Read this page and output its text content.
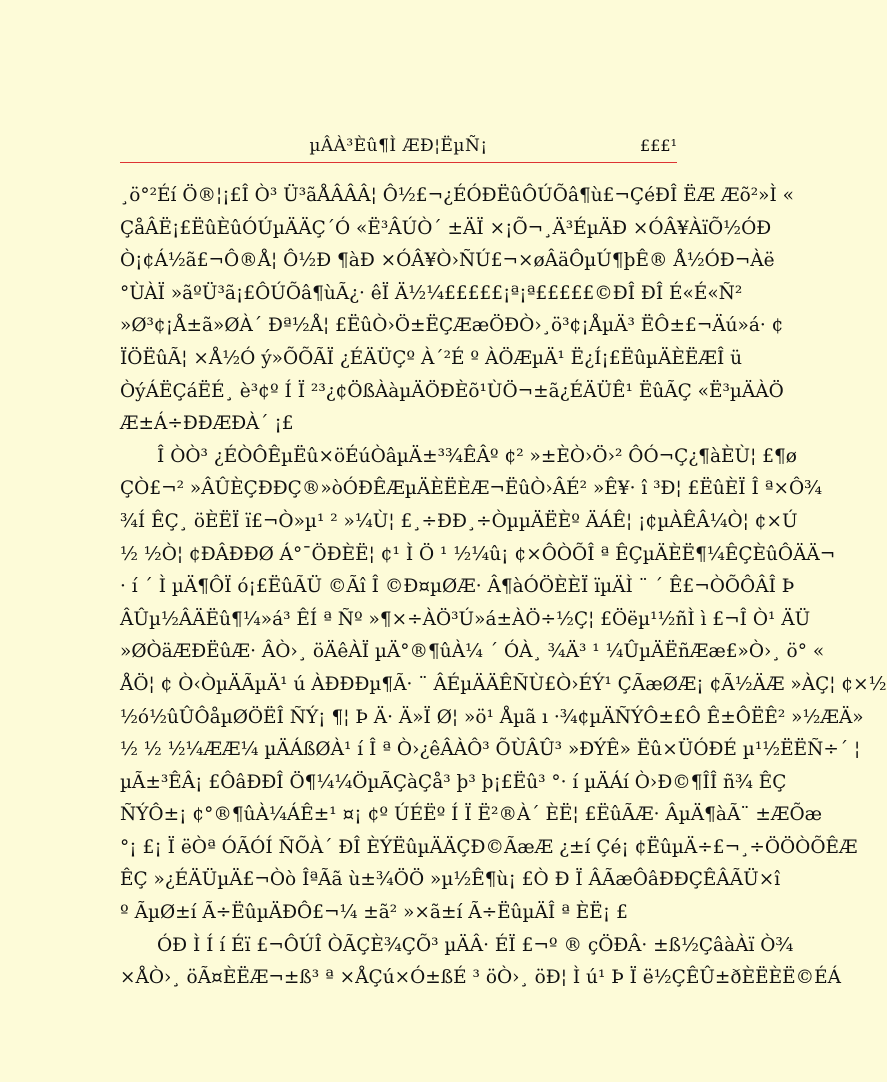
µÂÀ³Èû¶Ì ÆÐ¦ËµÑ¡	£££¹
¸ö°²Éí Ö®¦¡£Î Ò³ Ü³ãÅÂÂÂ¦ Ô½£¬¿ÉÓÐËûÔÚÕâ¶ù£¬ÇéÐÎ ËÆ Æõ²»Ì «
ÇåÂË¡£ËûÈûÓÚµÄÄÇ´Ó «Ë³ÂÚÒ´ ±ÄÏ ×¡Õ¬¸Ä³ÉµÄÐ ×ÓÂ¥ÀïÕ½ÓÐ
Ò¡¢Á½ã£¬Ô®Å¦ Ô½Ð ¶àÐ ×ÓÂ¥Ò›ÑÚ£¬×øÂäÔµÚ¶þÊ® Å½ÓÐ¬Àë
°ÙÀÏ »ãºÜ³ã¡£ÔÚÕâ¶ùÃ¿· êÏ Ä½¼£££££¡ª¡ª£££££©ÐÎ ÐÎ É«É«Ñ²
»Ø³¢¡Å±ã»ØÀ´ Ðª½Å¦ £ËûÒ›Ö±ËÇÆæÖÐÒ›¸ö³¢¡ÅµÄ³ ËÔ±£¬Äú»á· ¢
ÏÖËûÃ¦ ×Å½Ó ý»ÕÕÃÏ ¿ÉÄÜÇº À´²É º ÀÖÆµÄ¹ Ë¿Í¡£ËûµÄÈËÆÎ ü
ÒýÁËÇáËÉ¸ è³¢º Í Ï ²³¿¢ÖßÀàµÄÖÐÈõ¹ÙÖ¬±ã¿ÉÄÜÊ¹ ËûÃÇ «Ë³µÄÀÖ
Æ±Á÷ÐÐÆÐÀ´ ¡£
Î ÒÒ³ ¿ÉÒÔÊµËû×öÉúÒâµÄ±³¾ÊÂº ¢² »±ÈÒ›Ö›² ÔÓ¬Ç¿¶àÈÙ¦ £¶ø
ÇÒ£¬² »ÂÛÈÇÐÐÇ®»òÓÐÊÆµÄÈËÈÆ¬ËûÒ›ÂÉ² »Ê¥· î ³Ð¦ £ËûÈÏ Î ª×Ô¾
¾Í ÊÇ¸ öÈËÏ ï£¬Ò»µ¹ ² »¼Ù¦ £¸÷ÐÐ¸÷ÒµµÄËÈº ÄÁÊ¦ ¡¢µÀÊÂ¼Ò¦ ¢×Ú
½ ½Ò¦ ¢ÐÂÐÐØ Á°¯ÖÐÈË¦ ¢¹ Ì Ö ¹ ½¼û¡ ¢×ÔÒÕÎ ª ÊÇµÄÈË¶¼ÊÇÈûÔÄÄ¬
· í ´ Ì µÄ¶ÔÏ ó¡£ËûÃÜ ©Ãî Î ©Ð¤µØÆ· Â¶àÓÖÈÈÏ ïµÄÌ ¨ ´ Ê£¬ÒÕÔÂÎ Þ
ÂÛµ½ÂÄËû¶¼»á³ ÊÍ ª Ñº »¶×÷ÀÖ³Ú»á±ÀÖ÷½Ç¦ £Öëµ¹½ñÌ ì £¬Î Ò¹ ÄÜ
»ØÒäÆÐËûÆ· ÂÒ›¸ öÄêÀÏ µÄ°®¶ûÀ¼ ´ ÓÀ¸ ¾Ä³ ¹ ¼ÛµÄËñÆæ£»Ò›¸ ö° «
ÅÖ¦ ¢ Ò‹ÒµÄÃµÄ¹ ú ÀÐÐÐµ¶Ã· ¨ ÂÉµÄÄÊÑÙ£Ò›ÉÝ¹ ÇÃæØÆ¡ ¢Ã½ÄÆ »ÀÇ¦ ¢×½
½ó½ûÛÔåµØÖËÎ ÑÝ¡ ¶¦ Þ Ä· Ä»Ï Ø¦ »ö¹ Åµã ı ·¾¢µÄÑÝÔ±£Ô Ê±ÔËÊ² »½ÆÄ»
½ ½ ½¼ÆÆ¼ µÄÁßØÀ¹ í Î ª Ò›¿êÂÀÔ³ ÕÙÂÛ³ »ÐÝÊ» Ëû×ÜÓÐÉ µ¹½ËËÑ÷´ ¦
µÃ±³ÊÂ¡ £ÔâÐÐÎ Ö¶¼¼ÖµÃÇàÇå³ þ³ þ¡£Ëû³ °· í µÄÁí Ò›Ð©¶ÎÎ ñ¾ ÊÇ
ÑÝÔ±¡ ¢°®¶ûÀ¼ÁÊ±¹ ¤¡ ¢º ÚÉËº Í Ï Ë²®À´ ÈË¦ £ËûÃÆ· ÂµÄ¶àÃ¨ ±ÆÕæ
°¡ £¡ Ï ëÒª ÓÃÓÍ ÑÕÀ´ ÐÎ ÈÝËûµÄÄÇÐ©ÃæÆ ¿±í Çé¡ ¢ËûµÄ÷£¬¸÷ÖÖÒÕÊÆ
ÊÇ »¿ÉÄÜµÄ£¬Òò ÎªÃã ù±¾ÖÖ »µ½Ê¶ù¡ £Ò Ð Ï ÂÃæÔâÐÐÇÊÂÃÜ×î
º ÃµØ±í Ã÷ËûµÄÐÔ£¬¼ ±ã² »×ã±í Ã÷ËûµÄÎ ª ÈË¡ £
ÓÐ Ì Í í Éï £¬ÔÚÎ ÒÃÇÈ¾ÇÕ³ µÄÂ· ÉÏ £¬º ® çÖÐÂ· ±ß½ÇâàÀï Ò¾
×ÅÒ›¸ öÃ¤ÈËÆ¬±ß³ ª ×ÅÇú×Ó±ßÉ ³ öÒ›¸ öÐ¦ Ì ú¹ Þ Ï ë½ÇÊÛ±ðÈËÈË©ÉÁ
